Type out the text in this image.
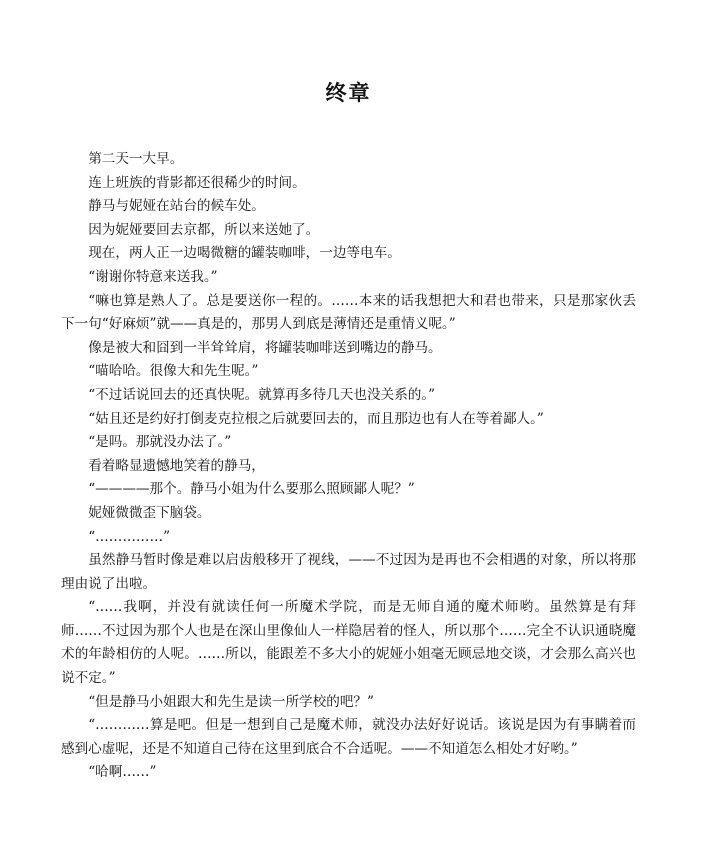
终章

第二天一大早。

连上班族的背影都还很稀少的时间。

静马与妮娅在站台的候车处。

因为妮娅要回去京都，所以来送她了。

现在，两人正一边喝微糖的罐装咖啡，一边等电车。

“谢谢你特意来送我。”

“嘛也算是熟人了。总是要送你一程的。……本来的话我想把大和君也带来，只是那家伙丢下一句“好麻烦”就——真是的，那男人到底是薄情还是重情义呢。”

像是被大和囧到一半耸耸肩，将罐装咖啡送到嘴边的静马。

“喵哈哈。很像大和先生呢。”

“不过话说回去的还真快呢。就算再多待几天也没关系的。”

“姑且还是约好打倒麦克拉根之后就要回去的，而且那边也有人在等着鄙人。”

“是吗。那就没办法了。”

看着略显遗憾地笑着的静马，

“————那个。静马小姐为什么要那么照顾鄙人呢？”

妮娅微微歪下脑袋。

“……………”

虽然静马暂时像是难以启齿般移开了视线，——不过因为是再也不会相遇的对象，所以将那理由说了出啦。

“……我啊，并没有就读任何一所魔术学院，而是无师自通的魔术师哟。虽然算是有拜师……不过因为那个人也是在深山里像仙人一样隐居着的怪人，所以那个……完全不认识通晓魔术的年龄相仿的人呢。……所以，能跟差不多大小的妮娅小姐毫无顾忌地交谈，才会那么高兴也说不定。”

“但是静马小姐跟大和先生是读一所学校的吧？”

“…………算是吧。但是一想到自己是魔术师，就没办法好好说话。该说是因为有事瞒着而感到心虚呢，还是不知道自己待在这里到底合不合适呢。——不知道怎么相处才好哟。”

“哈啊……”
